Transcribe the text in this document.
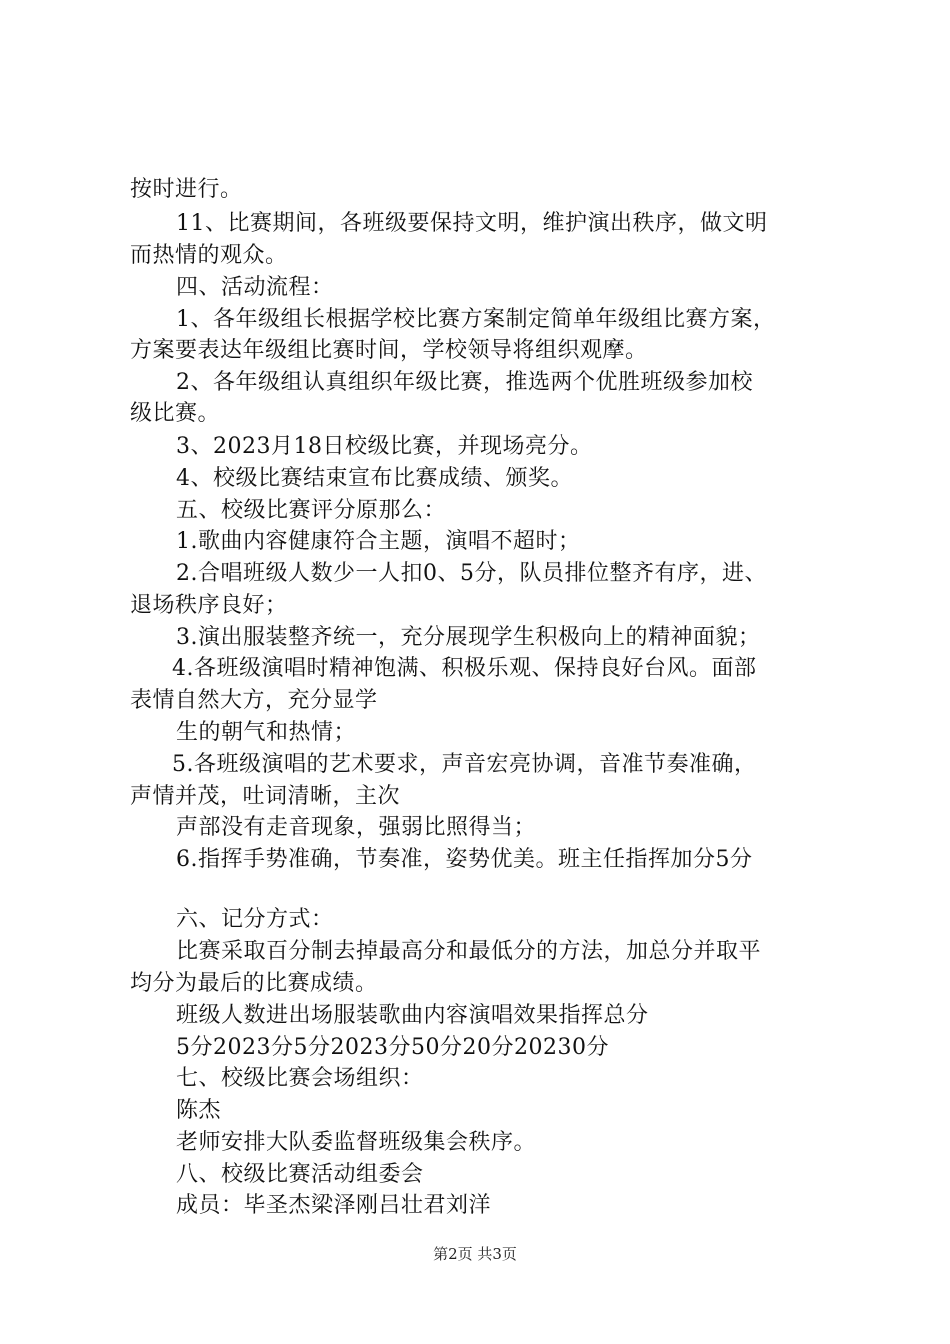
按时进行。
11、比赛期间，各班级要保持文明，维护演出秩序，做文明
而热情的观众。
四、活动流程：
1、各年级组长根据学校比赛方案制定简单年级组比赛方案，
方案要表达年级组比赛时间，学校领导将组织观摩。
2、各年级组认真组织年级比赛，推选两个优胜班级参加校
级比赛。
3、2023月18日校级比赛，并现场亮分。
4、校级比赛结束宣布比赛成绩、颁奖。
五、校级比赛评分原那么：
1.歌曲内容健康符合主题，演唱不超时；
2.合唱班级人数少一人扣0、5分，队员排位整齐有序，进、
退场秩序良好；
3.演出服装整齐统一，充分展现学生积极向上的精神面貌；
4.各班级演唱时精神饱满、积极乐观、保持良好台风。面部
表情自然大方，充分显学
生的朝气和热情；
5.各班级演唱的艺术要求，声音宏亮协调，音准节奏准确，
声情并茂，吐词清晰，主次
声部没有走音现象，强弱比照得当；
6.指挥手势准确，节奏准，姿势优美。班主任指挥加分5分
六、记分方式：
比赛采取百分制去掉最高分和最低分的方法，加总分并取平
均分为最后的比赛成绩。
班级人数进出场服装歌曲内容演唱效果指挥总分
5分2023分5分2023分50分20分20230分
七、校级比赛会场组织：
陈杰
老师安排大队委监督班级集会秩序。
八、校级比赛活动组委会
成员：毕圣杰梁泽刚吕壮君刘洋
第2页 共3页
